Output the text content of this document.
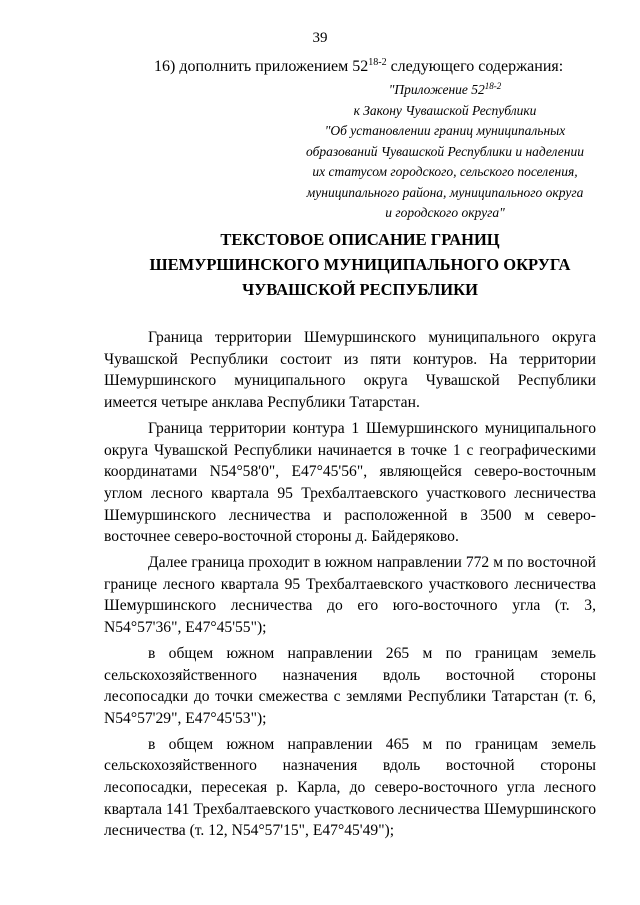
39
16) дополнить приложением 52$^{18-2}$ следующего содержания:
"Приложение 52$^{18-2}$
к Закону Чувашской Республики
"Об установлении границ муниципальных
образований Чувашской Республики и наделении
их статусом городского, сельского поселения,
муниципального района, муниципального округа
и городского округа"
ТЕКСТОВОЕ ОПИСАНИЕ ГРАНИЦ
ШЕМУРШИНСКОГО МУНИЦИПАЛЬНОГО ОКРУГА
ЧУВАШСКОЙ РЕСПУБЛИКИ

Граница территории Шемуршинского муниципального округа Чувашской Республики состоит из пяти контуров. На территории Шемуршинского муниципального округа Чувашской Республики имеется четыре анклава Республики Татарстан.

Граница территории контура 1 Шемуршинского муниципального округа Чувашской Республики начинается в точке 1 с географическими координатами N54°58'0", E47°45'56", являющейся северо-восточным углом лесного квартала 95 Трехбалтаевского участкового лесничества Шемуршинского лесничества и расположенной в 3500 м северо-восточнее северо-восточной стороны д. Байдеряково.

Далее граница проходит в южном направлении 772 м по восточной границе лесного квартала 95 Трехбалтаевского участкового лесничества Шемуршинского лесничества до его юго-восточного угла (т. 3, N54°57'36", E47°45'55");

в общем южном направлении 265 м по границам земель сельскохозяйственного назначения вдоль восточной стороны лесопосадки до точки смежества с землями Республики Татарстан (т. 6, N54°57'29", E47°45'53");

в общем южном направлении 465 м по границам земель сельскохозяйственного назначения вдоль восточной стороны лесопосадки, пересекая р. Карла, до северо-восточного угла лесного квартала 141 Трехбалтаевского участкового лесничества Шемуршинского лесничества (т. 12, N54°57'15", E47°45'49");
